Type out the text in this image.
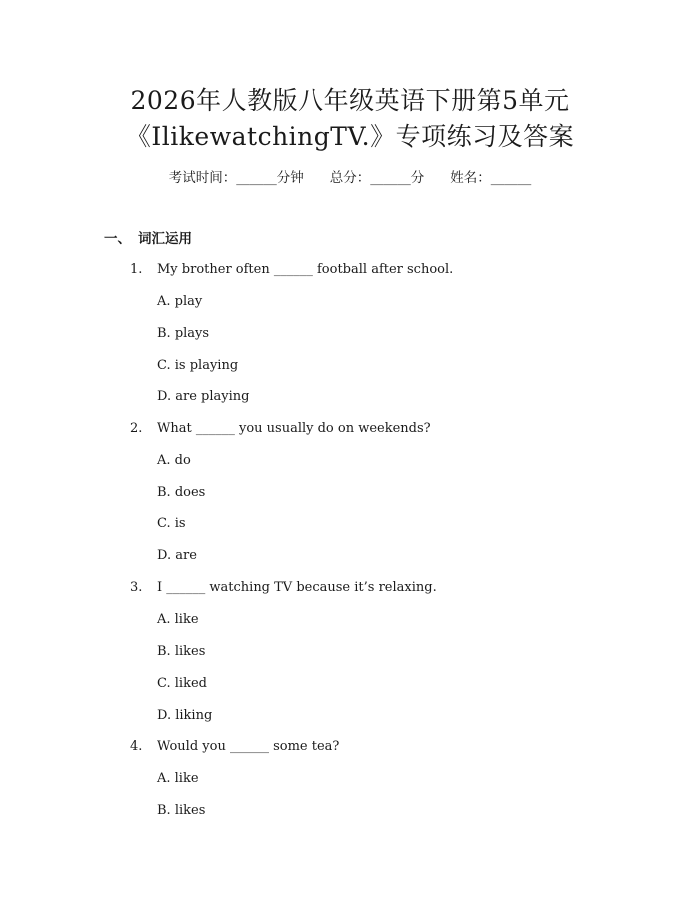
2026年人教版八年级英语下册第5单元
《IlikewatchingTV.》专项练习及答案
考试时间：______分钟 总分：______分 姓名：______
一、 词汇运用
1. My brother often ______ football after school.
A. play
B. plays
C. is playing
D. are playing
2. What ______ you usually do on weekends?
A. do
B. does
C. is
D. are
3. I ______ watching TV because it’s relaxing.
A. like
B. likes
C. liked
D. liking
4. Would you ______ some tea?
A. like
B. likes
